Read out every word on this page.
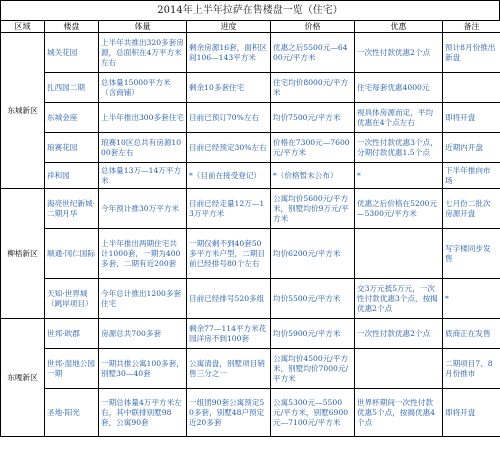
2014年上半年拉萨在售楼盘一览（住宅）
区域	楼盘	体量	进度	价格	优惠	备注
东城新区	城关花园	上半年共推出320多套房源，总面积在4万平方米左右	剩余房源16套，面积区间106—143平方米	优惠之后5500元—6400元/平方米	一次性付款优惠2个点	预计8月份推出新盘
	扎西园二期	总体量15000平方米（含商铺）	剩余10多套住宅	住宅均价8000元/平方米	住宅每套优惠4000元	
	东城金座	上半年推出300多套住宅	目前已预订70%左右	均价7500元/平方米	视具体房源而定，平均优惠在4个点左右	即将开盘
	琅赛花园	琅赛10区总共有房源1000套左右	目前已经预定30%左右	价格在7300元—7600元/平方米	一次性付款优惠3个点，分期付款优惠1.5个点	近期内开盘
	祥和园	总体量13万—14万平方米	*（目前在接受登记）	*（价格暂未公布）	*	下半年推向市场
柳梧新区	海亮世纪新城·二期月华	今年预计推30万平方米	目前已经走量12万—13万平方米	公寓均价5600元/平方米，别墅均价9万元/平方米	优惠之后价格在5200元—5300元/平方米	七月份二批次房源开盘
	顺通·冈仁国际	上半年推出两期住宅共计1000套，一期为400多套，二期有近200套	一期仅剩不到40套50多平方米户型，二期目前已经排号80个左右	均价6200元/平方米		写字楼同步发售
	天知·世界城（跳岸项目）	今年总计推出1200多套住宅	目前已经排号520多组	均价5500元/平方米	交3万元抵5万元，一次性付款优惠3个点，按揭优惠2个点	*
东嘎新区	世邦·欧郡	房源总共700多套	剩余77—114平方米花园洋房不到100套	均价5900元/平方米	一次性付款优惠2个点	底商正在发售
	世邦·湿地公园一期	一期共推公寓100多套，别墅30—40套	公寓清盘，别墅项目销售三分之一	公寓均价4500元/平方米，别墅均价7000元/平方米		二期项目7、8月份推市
	圣地·阳光	一期总体量4万平方米左右，其中联排别墅98套，公寓90套	一组团90套公寓预定50多套，别墅48户预定近20多套	公寓5300元—5500元/平方米，别墅6900元—7100元/平方米	世界杯期间一次性付款优惠5个点，按揭优惠4个点	即将开盘
